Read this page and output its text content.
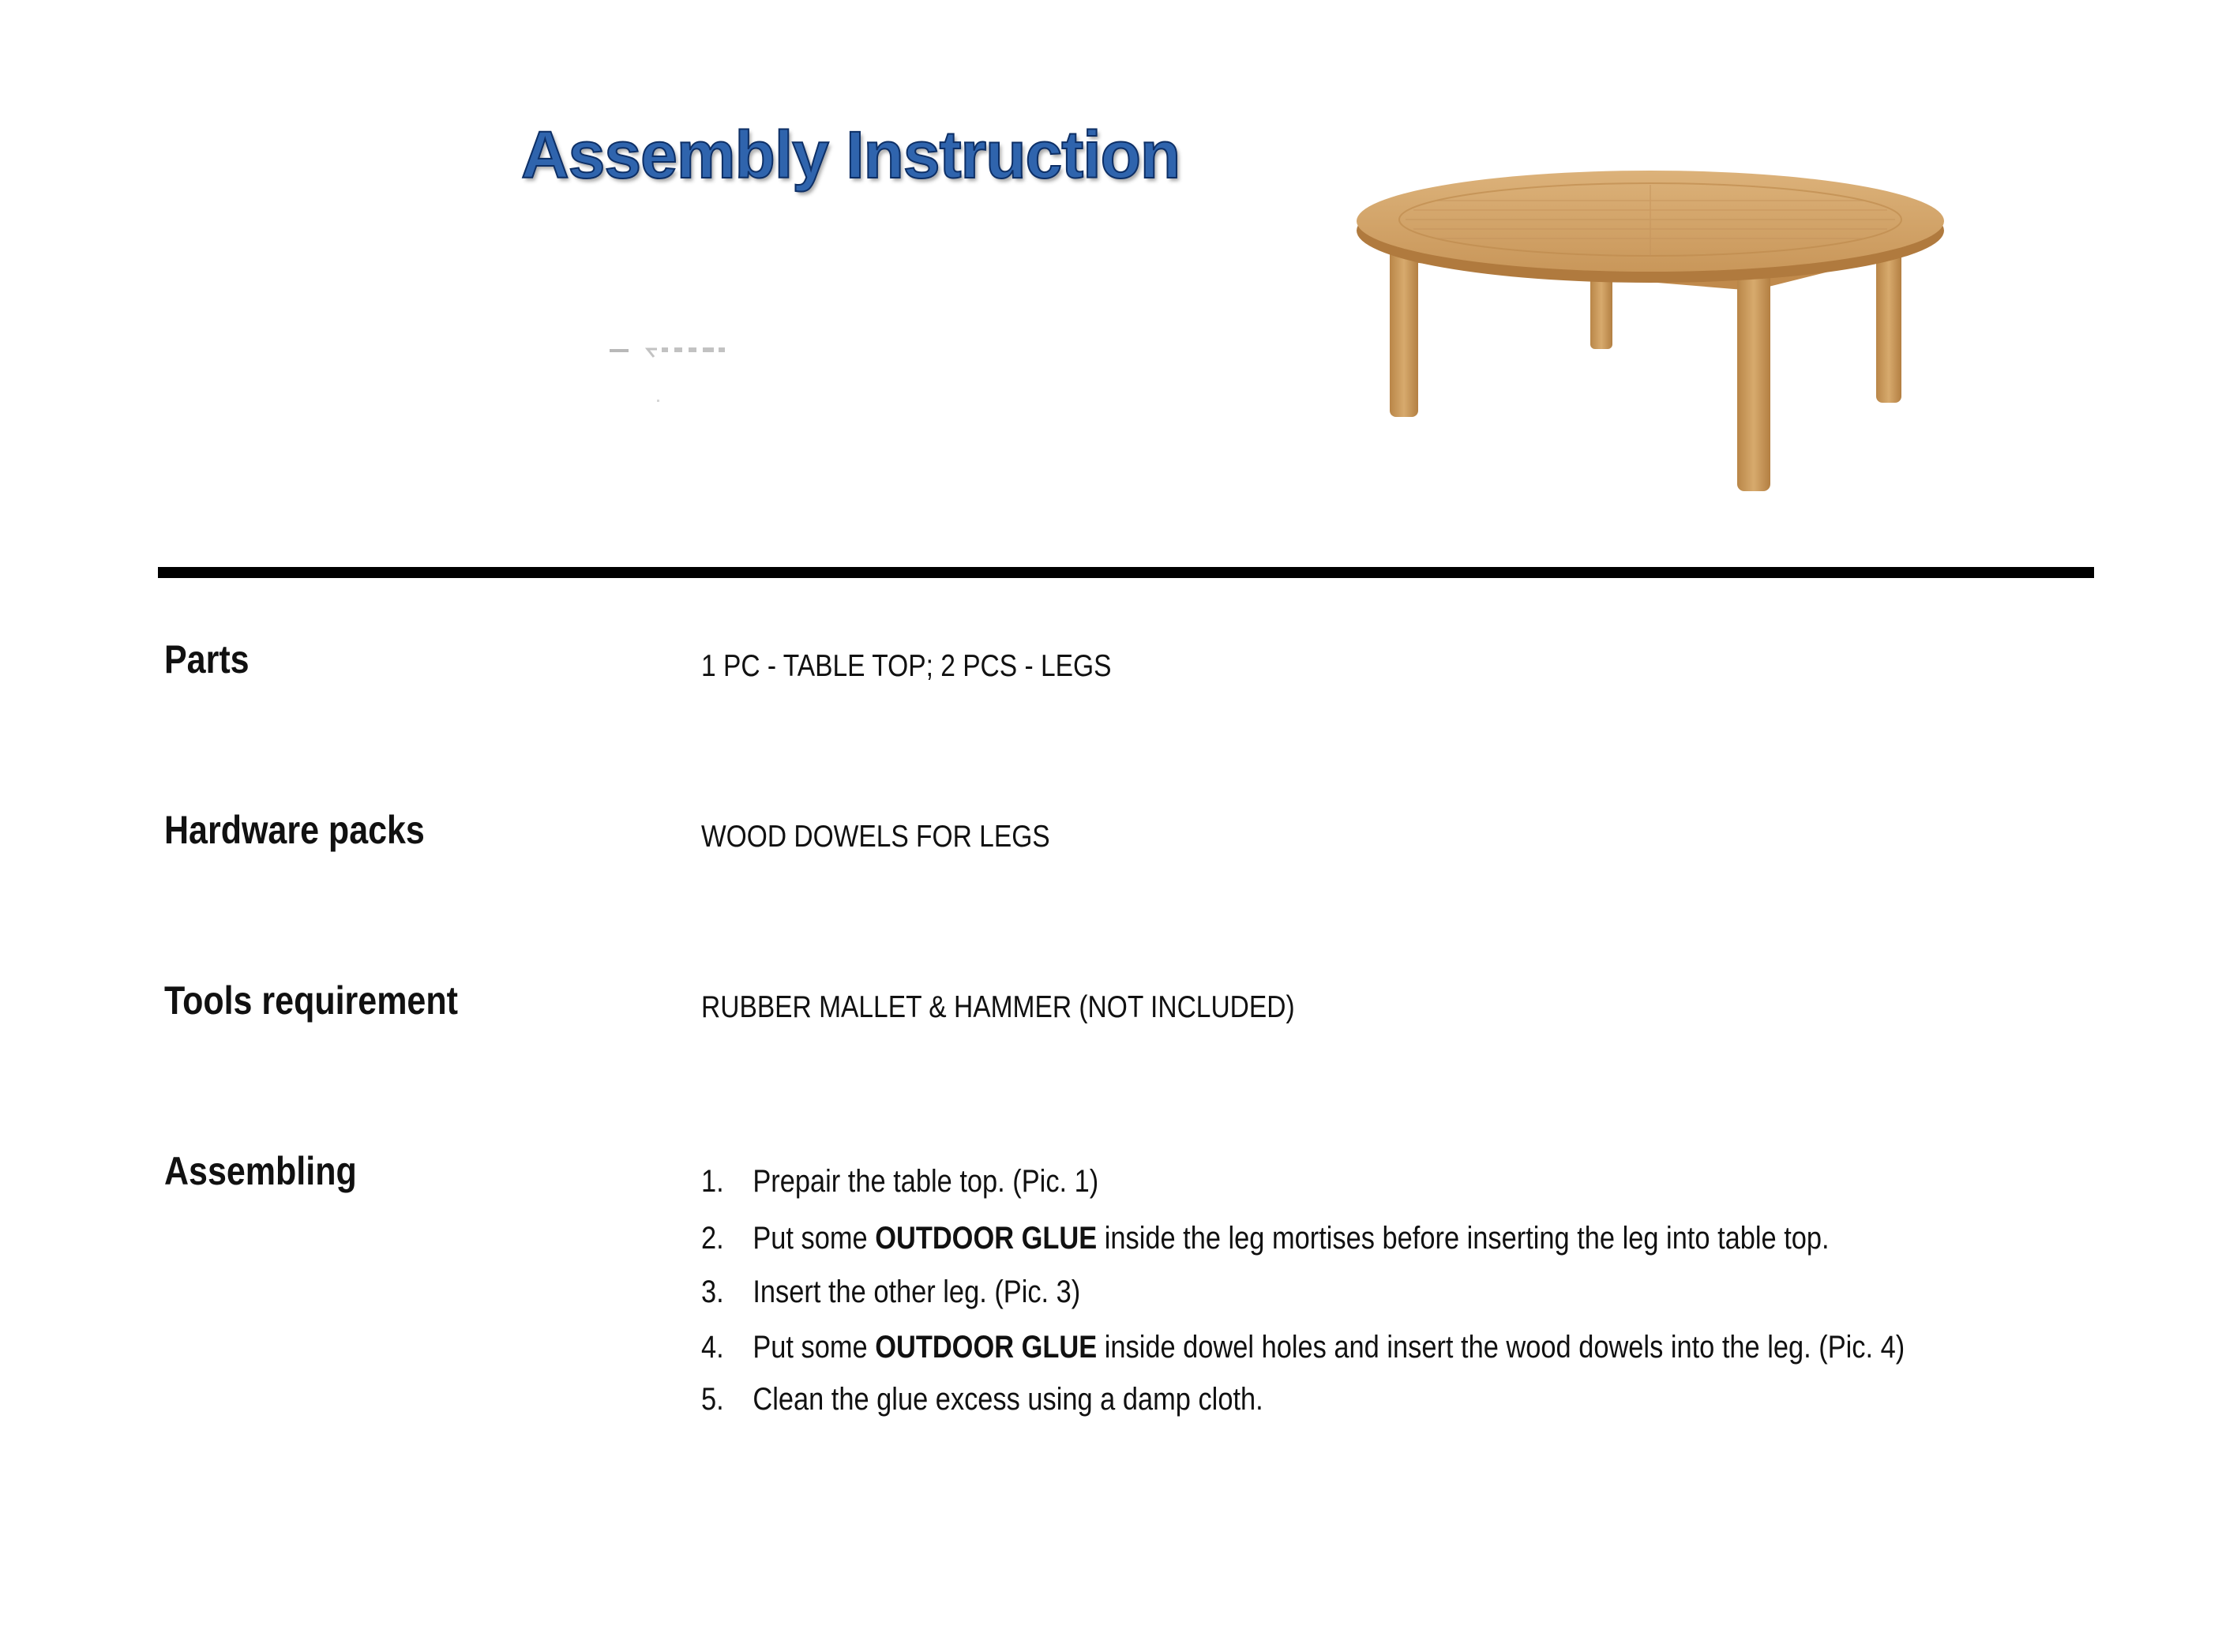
Assembly Instruction
Parts	1 PC - TABLE TOP; 2 PCS - LEGS
Hardware packs	WOOD DOWELS FOR LEGS
Tools requirement	RUBBER MALLET & HAMMER (NOT INCLUDED)
Assembling	1. Prepair the table top. (Pic. 1)
2. Put some OUTDOOR GLUE inside the leg mortises before inserting the leg into table top.
3. Insert the other leg. (Pic. 3)
4. Put some OUTDOOR GLUE inside dowel holes and insert the wood dowels into the leg. (Pic. 4)
5. Clean the glue excess using a damp cloth.
